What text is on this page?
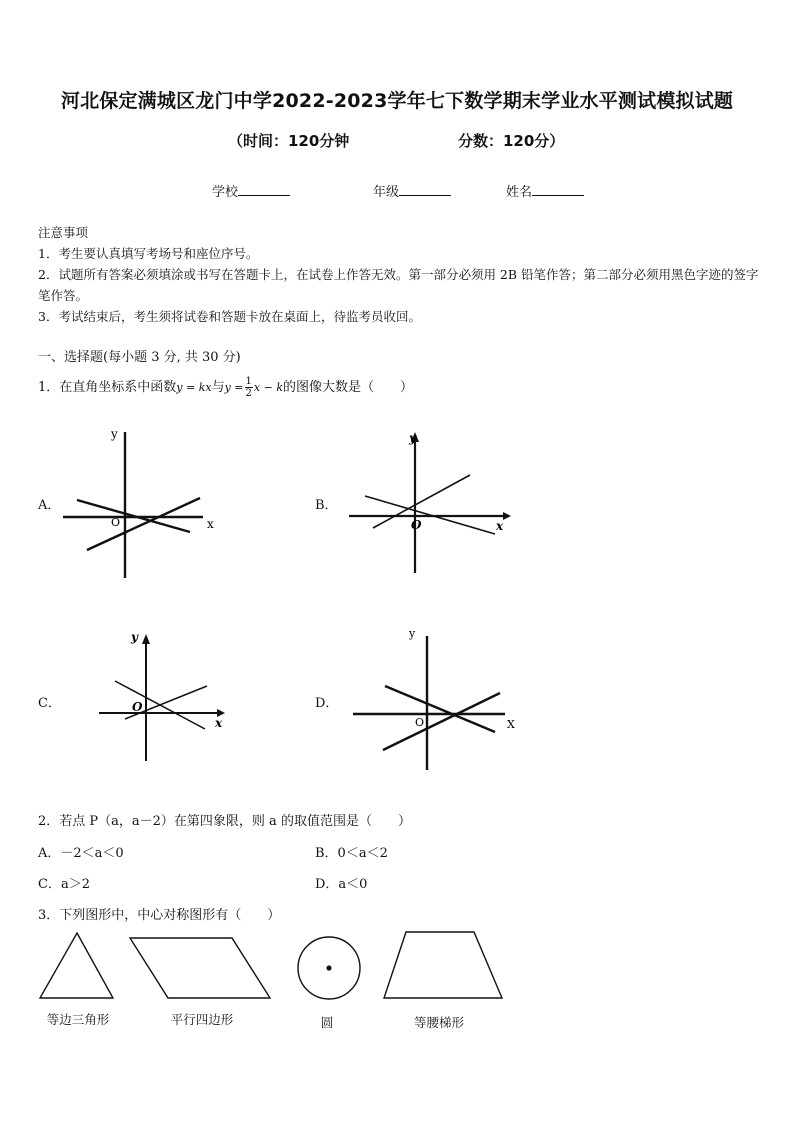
河北保定满城区龙门中学2022-2023学年七下数学期末学业水平测试模拟试题
（时间：120分钟	分数：120分）
学校	年级	姓名
注意事项
1．考生要认真填写考场号和座位序号。
2．试题所有答案必须填涂或书写在答题卡上，在试卷上作答无效。第一部分必须用 2B 铅笔作答；第二部分必须用黑色字迹的签字笔作答。
3．考试结束后，考生须将试卷和答题卡放在桌面上，待监考员收回。
一、选择题(每小题 3 分, 共 30 分)
1．在直角坐标系中函数y = kx与$y = \frac{1}{2}$ x − k的图像大数是（　　）
A．	B．
C．	D．
y
x
O
y
x
O
y
x
O
y
X
O
2．若点 P（a，a－2）在第四象限，则 a 的取值范围是（　　）
A．－2＜a＜0	B．0＜a＜2
C．a＞2	D．a＜0
3．下列图形中，中心对称图形有（　　）
等边三角形	平行四边形	圆	等腰梯形
